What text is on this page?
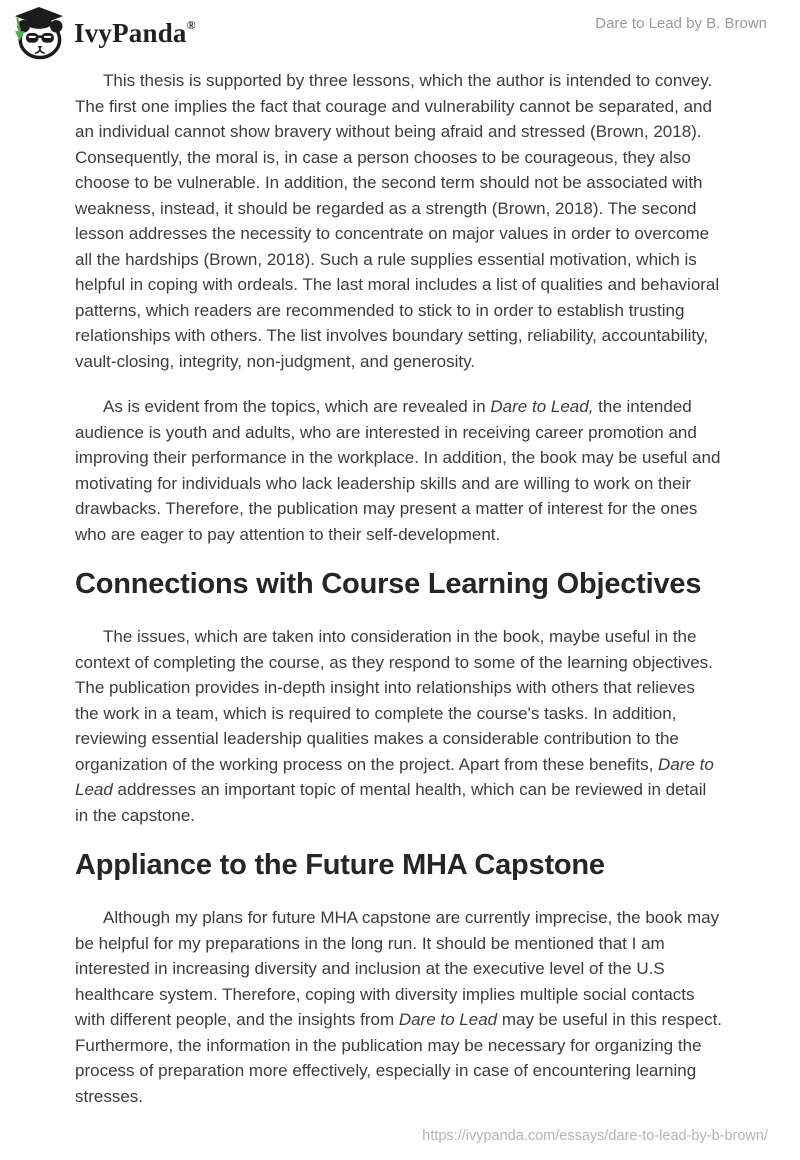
IvyPanda®	Dare to Lead by B. Brown

This thesis is supported by three lessons, which the author is intended to convey. The first one implies the fact that courage and vulnerability cannot be separated, and an individual cannot show bravery without being afraid and stressed (Brown, 2018). Consequently, the moral is, in case a person chooses to be courageous, they also choose to be vulnerable. In addition, the second term should not be associated with weakness, instead, it should be regarded as a strength (Brown, 2018). The second lesson addresses the necessity to concentrate on major values in order to overcome all the hardships (Brown, 2018). Such a rule supplies essential motivation, which is helpful in coping with ordeals. The last moral includes a list of qualities and behavioral patterns, which readers are recommended to stick to in order to establish trusting relationships with others. The list involves boundary setting, reliability, accountability, vault-closing, integrity, non-judgment, and generosity.

As is evident from the topics, which are revealed in Dare to Lead, the intended audience is youth and adults, who are interested in receiving career promotion and improving their performance in the workplace. In addition, the book may be useful and motivating for individuals who lack leadership skills and are willing to work on their drawbacks. Therefore, the publication may present a matter of interest for the ones who are eager to pay attention to their self-development.

Connections with Course Learning Objectives

The issues, which are taken into consideration in the book, maybe useful in the context of completing the course, as they respond to some of the learning objectives. The publication provides in-depth insight into relationships with others that relieves the work in a team, which is required to complete the course's tasks. In addition, reviewing essential leadership qualities makes a considerable contribution to the organization of the working process on the project. Apart from these benefits, Dare to Lead addresses an important topic of mental health, which can be reviewed in detail in the capstone.

Appliance to the Future MHA Capstone

Although my plans for future MHA capstone are currently imprecise, the book may be helpful for my preparations in the long run. It should be mentioned that I am interested in increasing diversity and inclusion at the executive level of the U.S healthcare system. Therefore, coping with diversity implies multiple social contacts with different people, and the insights from Dare to Lead may be useful in this respect. Furthermore, the information in the publication may be necessary for organizing the process of preparation more effectively, especially in case of encountering learning stresses.

https://ivypanda.com/essays/dare-to-lead-by-b-brown/
